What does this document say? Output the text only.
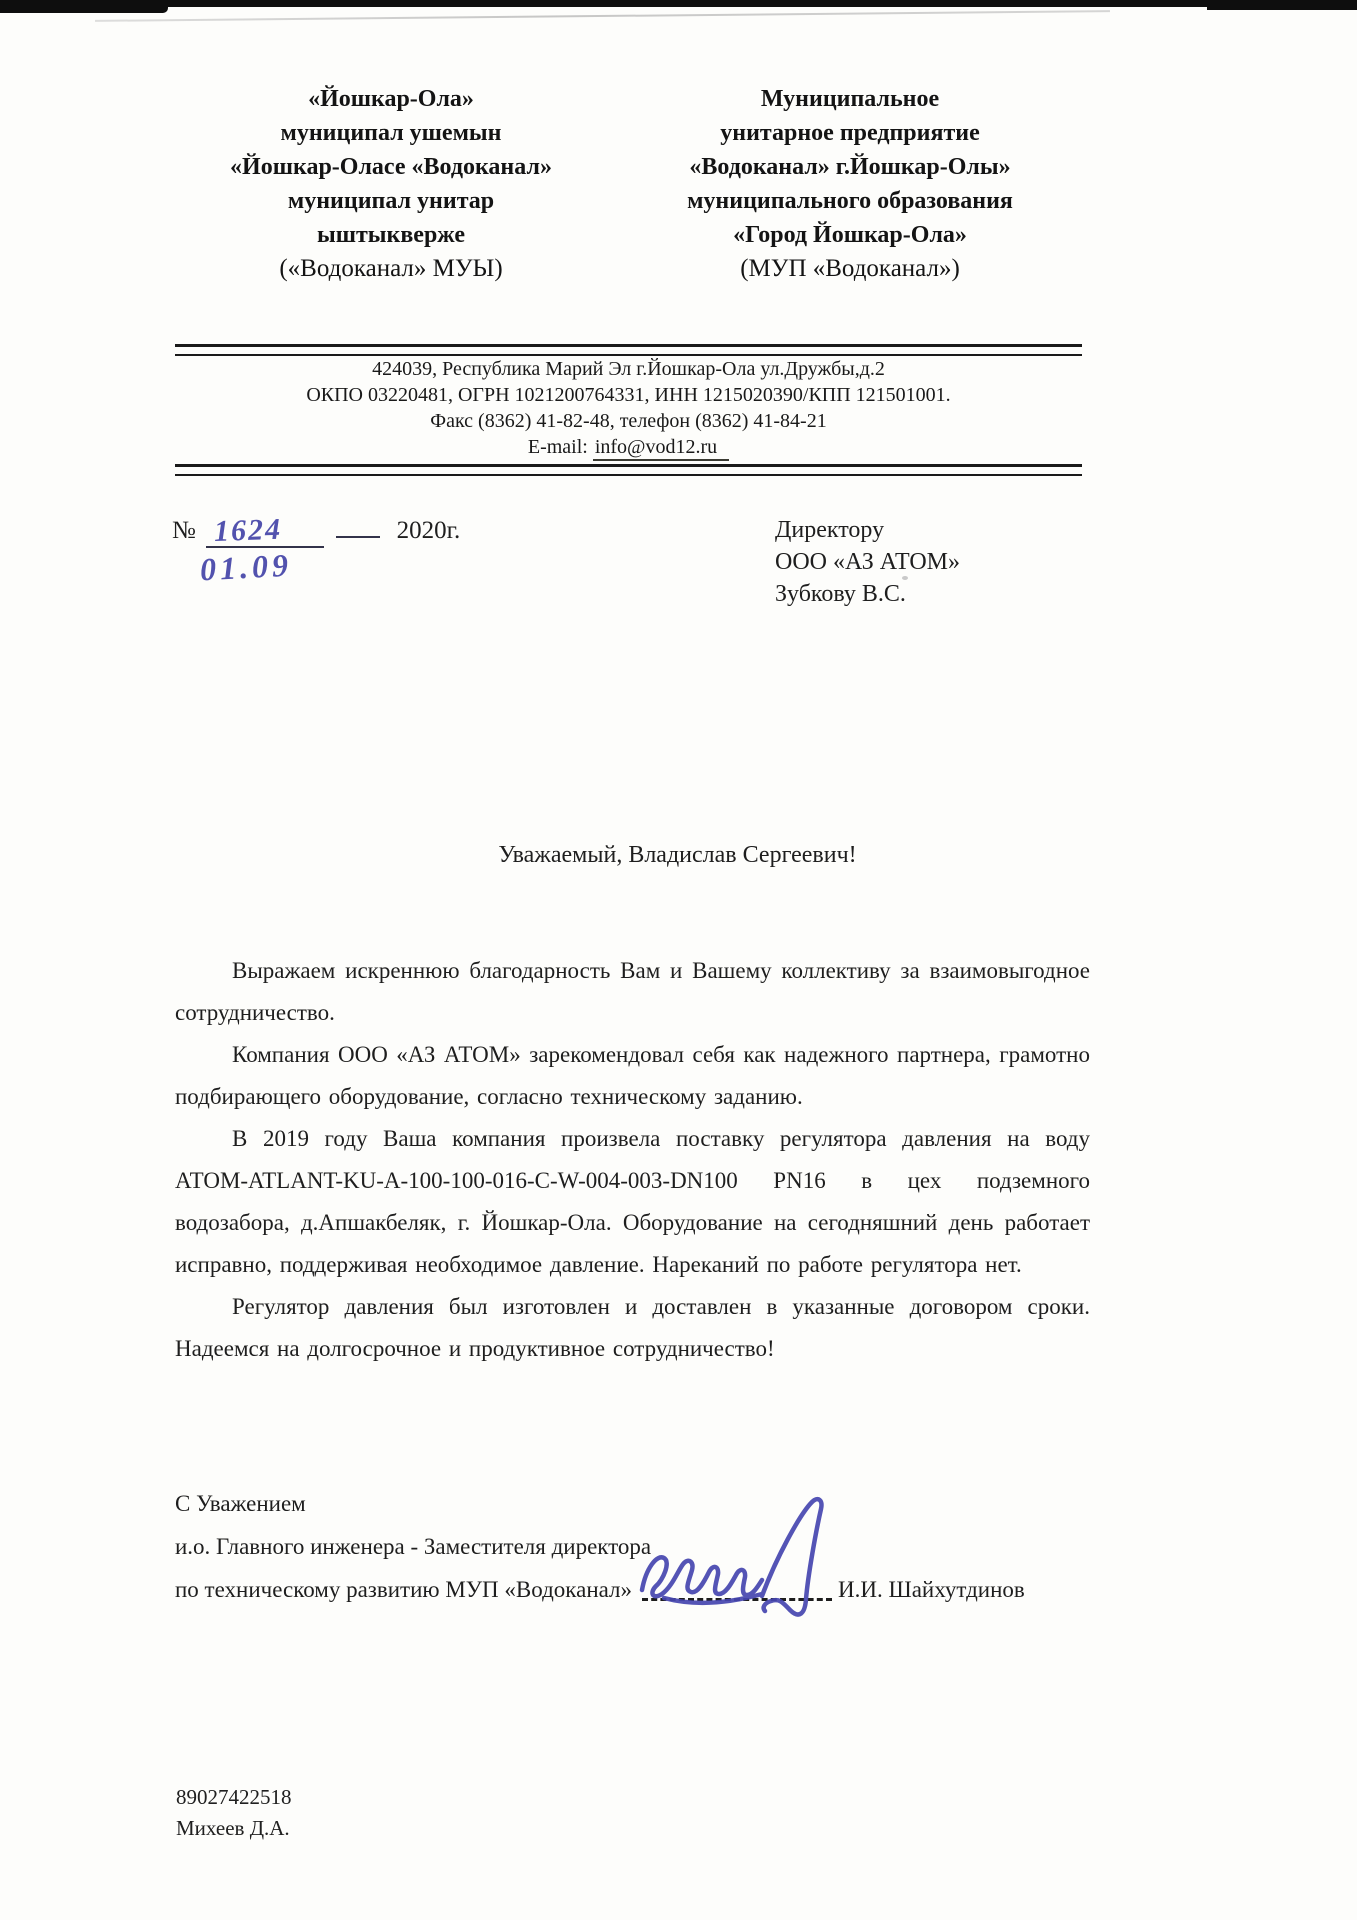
«Йошкар-Ола»
муниципал ушемын
«Йошкар-Оласе «Водоканал»
муниципал унитар
ыштыкверже
(«Водоканал» МУЫ)
Муниципальное
унитарное предприятие
«Водоканал» г.Йошкар-Олы»
муниципального образования
«Город Йошкар-Ола»
(МУП «Водоканал»)
424039, Республика Марий Эл г.Йошкар-Ола ул.Дружбы,д.2
ОКПО 03220481, ОГРН 1021200764331, ИНН 1215020390/КПП 121501001.
Факс (8362) 41-82-48, телефон (8362) 41-84-21
E-mail: info@vod12.ru
№ 1624	2020г.
01.09
Директору
ООО «АЗ АТОМ»
Зубкову В.С.
Уважаемый, Владислав Сергеевич!

Выражаем искреннюю благодарность Вам и Вашему коллективу за взаимовыгодное сотрудничество.

Компания ООО «АЗ АТОМ» зарекомендовал себя как надежного партнера, грамотно подбирающего оборудование, согласно техническому заданию.

В 2019 году Ваша компания произвела поставку регулятора давления на воду АТОМ-ATLANT-KU-A-100-100-016-C-W-004-003-DN100 PN16 в цех подземного водозабора, д.Апшакбеляк, г. Йошкар-Ола. Оборудование на сегодняшний день работает исправно, поддерживая необходимое давление. Нареканий по работе регулятора нет.

Регулятор давления был изготовлен и доставлен в указанные договором сроки. Надеемся на долгосрочное и продуктивное сотрудничество!

С Уважением
и.о. Главного инженера - Заместителя директора
по техническому развитию МУП «Водоканал»	И.И. Шайхутдинов
89027422518
Михеев Д.А.
